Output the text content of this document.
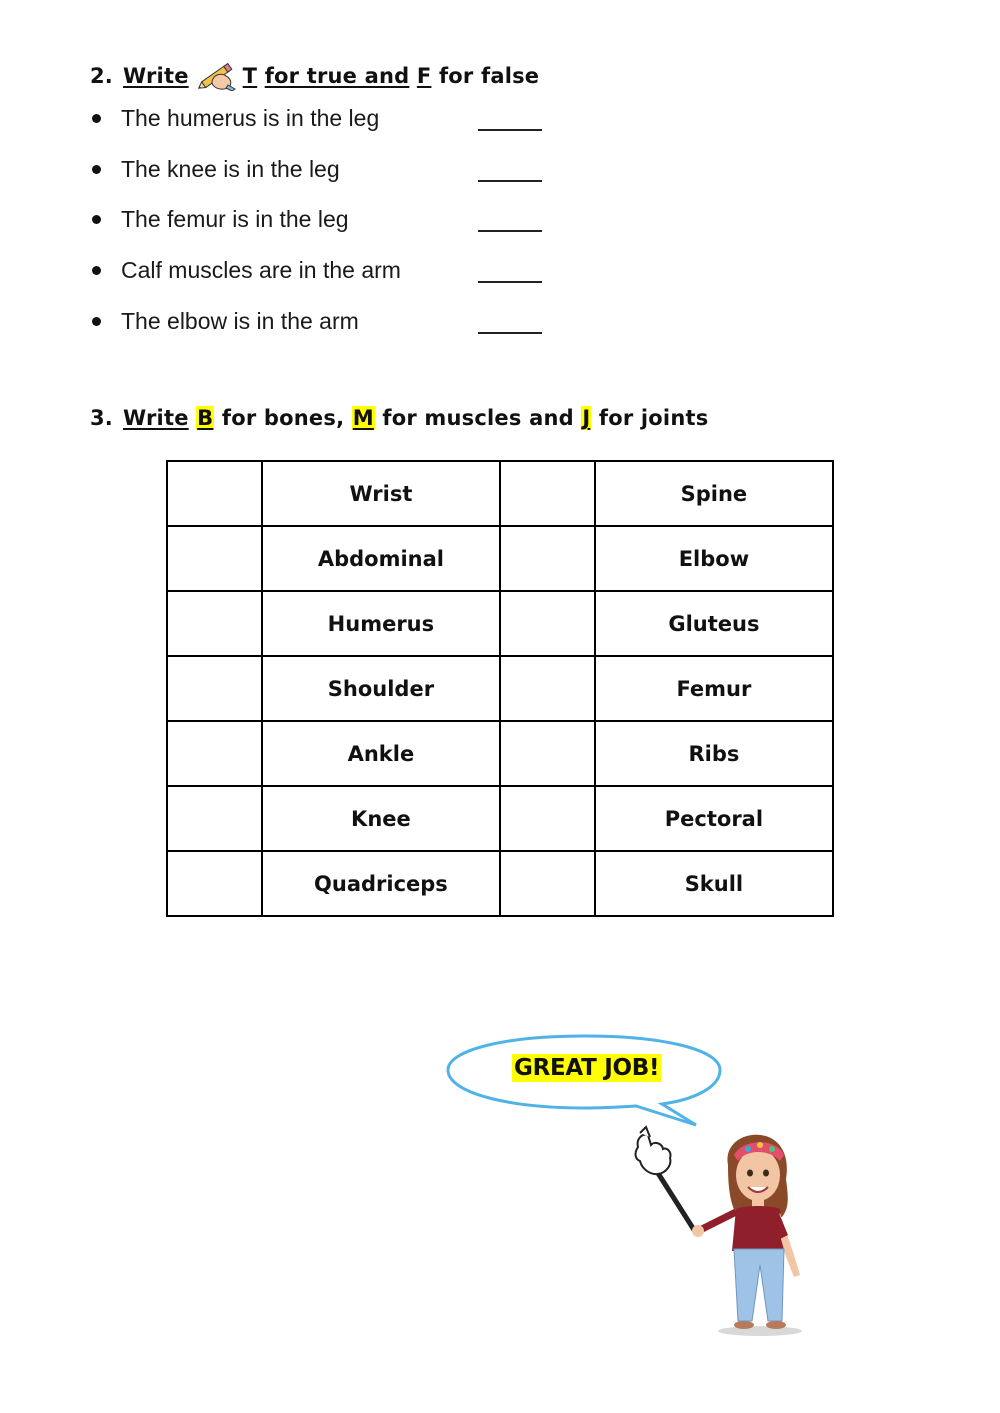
2. Write	T for true and F for false
The humerus is in the leg
The knee is in the leg
The femur is in the leg
Calf muscles are in the arm
The elbow is in the arm
3. Write B for bones, M for muscles and J for joints
	Wrist		Spine
	Abdominal		Elbow
	Humerus		Gluteus
	Shoulder		Femur
	Ankle		Ribs
	Knee		Pectoral
	Quadriceps		Skull
GREAT JOB!
